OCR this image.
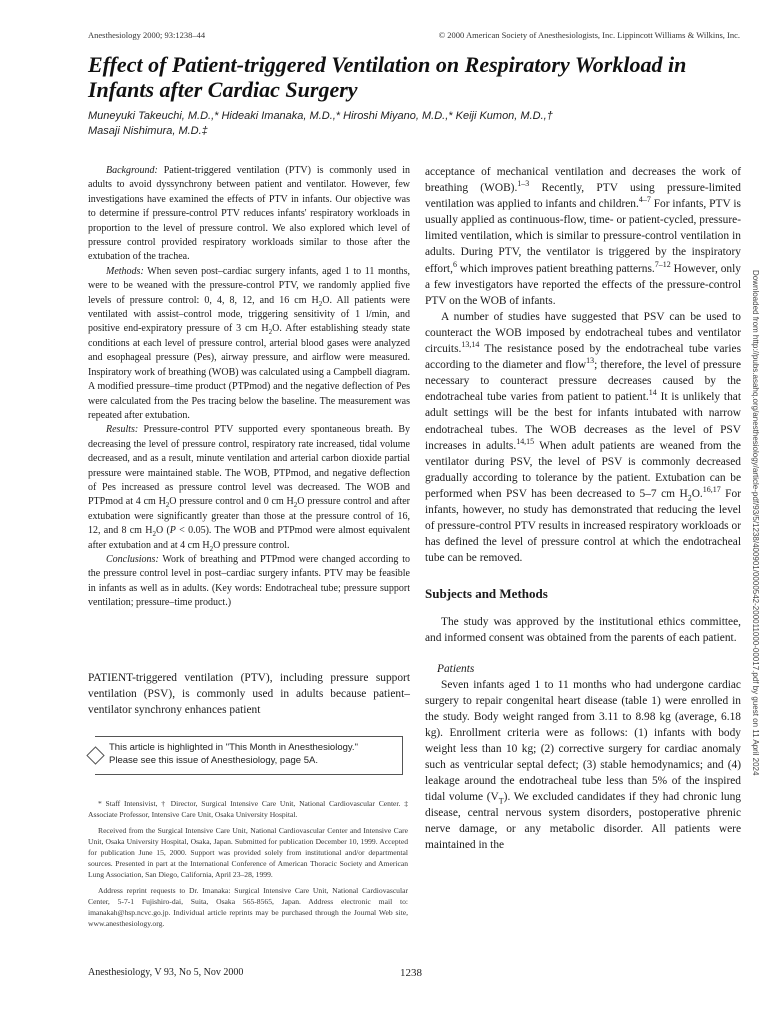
Anesthesiology 2000; 93:1238–44	© 2000 American Society of Anesthesiologists, Inc. Lippincott Williams & Wilkins, Inc.
Effect of Patient-triggered Ventilation on Respiratory Workload in Infants after Cardiac Surgery
Muneyuki Takeuchi, M.D.,* Hideaki Imanaka, M.D.,* Hiroshi Miyano, M.D.,* Keiji Kumon, M.D.,†
Masaji Nishimura, M.D.‡

Background: Patient-triggered ventilation (PTV) is commonly used in adults to avoid dyssynchrony between patient and ventilator. However, few investigations have examined the effects of PTV in infants. Our objective was to determine if pressure-control PTV reduces infants' respiratory workloads in proportion to the level of pressure control. We also explored which level of pressure control provided respiratory workloads similar to those after the extubation of the trachea.

Methods: When seven post–cardiac surgery infants, aged 1 to 11 months, were to be weaned with the pressure-control PTV, we randomly applied five levels of pressure control: 0, 4, 8, 12, and 16 cm $H_2O$. All patients were ventilated with assist–control mode, triggering sensitivity of 1 l/min, and positive end-expiratory pressure of 3 cm $H_2O$. After establishing steady state conditions at each level of pressure control, arterial blood gases were analyzed and esophageal pressure (Pes), airway pressure, and airflow were measured. Inspiratory work of breathing (WOB) was calculated using a Campbell diagram. A modified pressure–time product (PTPmod) and the negative deflection of Pes were calculated from the Pes tracing below the baseline. The measurement was repeated after extubation.

Results: Pressure-control PTV supported every spontaneous breath. By decreasing the level of pressure control, respiratory rate increased, tidal volume decreased, and as a result, minute ventilation and arterial carbon dioxide partial pressure were maintained stable. The WOB, PTPmod, and negative deflection of Pes increased as pressure control level was decreased. The WOB and PTPmod at 4 cm $H_2O$ pressure control and 0 cm $H_2O$ pressure control and after extubation were significantly greater than those at the pressure control of 16, 12, and 8 cm $H_2O$ (P < 0.05). The WOB and PTPmod were almost equivalent after extubation and at 4 cm $H_2O$ pressure control.

Conclusions: Work of breathing and PTPmod were changed according to the pressure control level in post–cardiac surgery infants. PTV may be feasible in infants as well as in adults. (Key words: Endotracheal tube; pressure support ventilation; pressure–time product.)

PATIENT-triggered ventilation (PTV), including pressure support ventilation (PSV), is commonly used in adults because patient–ventilator synchrony enhances patient

This article is highlighted in "This Month in Anesthesiology."
Please see this issue of Anesthesiology, page 5A.

* Staff Intensivist, † Director, Surgical Intensive Care Unit, National Cardiovascular Center. ‡ Associate Professor, Intensive Care Unit, Osaka University Hospital.

Received from the Surgical Intensive Care Unit, National Cardiovascular Center and Intensive Care Unit, Osaka University Hospital, Osaka, Japan. Submitted for publication December 10, 1999. Accepted for publication June 15, 2000. Support was provided solely from institutional and/or departmental sources. Presented in part at the International Conference of American Thoracic Society and American Lung Association, San Diego, California, April 23–28, 1999.

Address reprint requests to Dr. Imanaka: Surgical Intensive Care Unit, National Cardiovascular Center, 5-7-1 Fujishiro-dai, Suita, Osaka 565-8565, Japan. Address electronic mail to: imanakah@hsp.ncvc.go.jp. Individual article reprints may be purchased through the Journal Web site, www.anesthesiology.org.

acceptance of mechanical ventilation and decreases the work of breathing (WOB).$^{1-3}$ Recently, PTV using pressure-limited ventilation was applied to infants and children.$^{4-7}$ For infants, PTV is usually applied as continuous-flow, time- or patient-cycled, pressure-limited ventilation, which is similar to pressure-control ventilation in adults. During PTV, the ventilator is triggered by the inspiratory effort,$^6$ which improves patient breathing patterns.$^{7-12}$ However, only a few investigators have reported the effects of the pressure-control PTV on the WOB of infants.

A number of studies have suggested that PSV can be used to counteract the WOB imposed by endotracheal tubes and ventilator circuits.$^{13,14}$ The resistance posed by the endotracheal tube varies according to the diameter and flow$^{13}$; therefore, the level of pressure necessary to counteract pressure decreases caused by the endotracheal tube varies from patient to patient.$^{14}$ It is unlikely that adult settings will be the best for infants intubated with narrow endotracheal tubes. The WOB decreases as the level of PSV increases in adults.$^{14,15}$ When adult patients are weaned from the ventilator during PSV, the level of PSV is commonly decreased gradually according to tolerance by the patient. Extubation can be performed when PSV has been decreased to 5–7 cm $H_2O.^{16,17}$ For infants, however, no study has demonstrated that reducing the level of pressure-control PTV results in increased respiratory workloads or has defined the level of pressure control at which the endotracheal tube can be removed.

Subjects and Methods

The study was approved by the institutional ethics committee, and informed consent was obtained from the parents of each patient.

Patients

Seven infants aged 1 to 11 months who had undergone cardiac surgery to repair congenital heart disease (table 1) were enrolled in the study. Body weight ranged from 3.11 to 8.98 kg (average, 6.18 kg). Enrollment criteria were as follows: (1) infants with body weight less than 10 kg; (2) corrective surgery for cardiac anomaly such as ventricular septal defect; (3) stable hemodynamics; and (4) leakage around the endotracheal tube less than 5% of the inspired tidal volume $(V_T)$. We excluded candidates if they had chronic lung disease, central nervous system disorders, postoperative phrenic nerve damage, or any metabolic disorder. All patients were maintained in the

Downloaded from http://pubs.asahq.org/anesthesiology/article-pdf/93/5/1238/400901/0000542-200011000-00017.pdf by guest on 11 April 2024
Anesthesiology, V 93, No 5, Nov 2000	1238
